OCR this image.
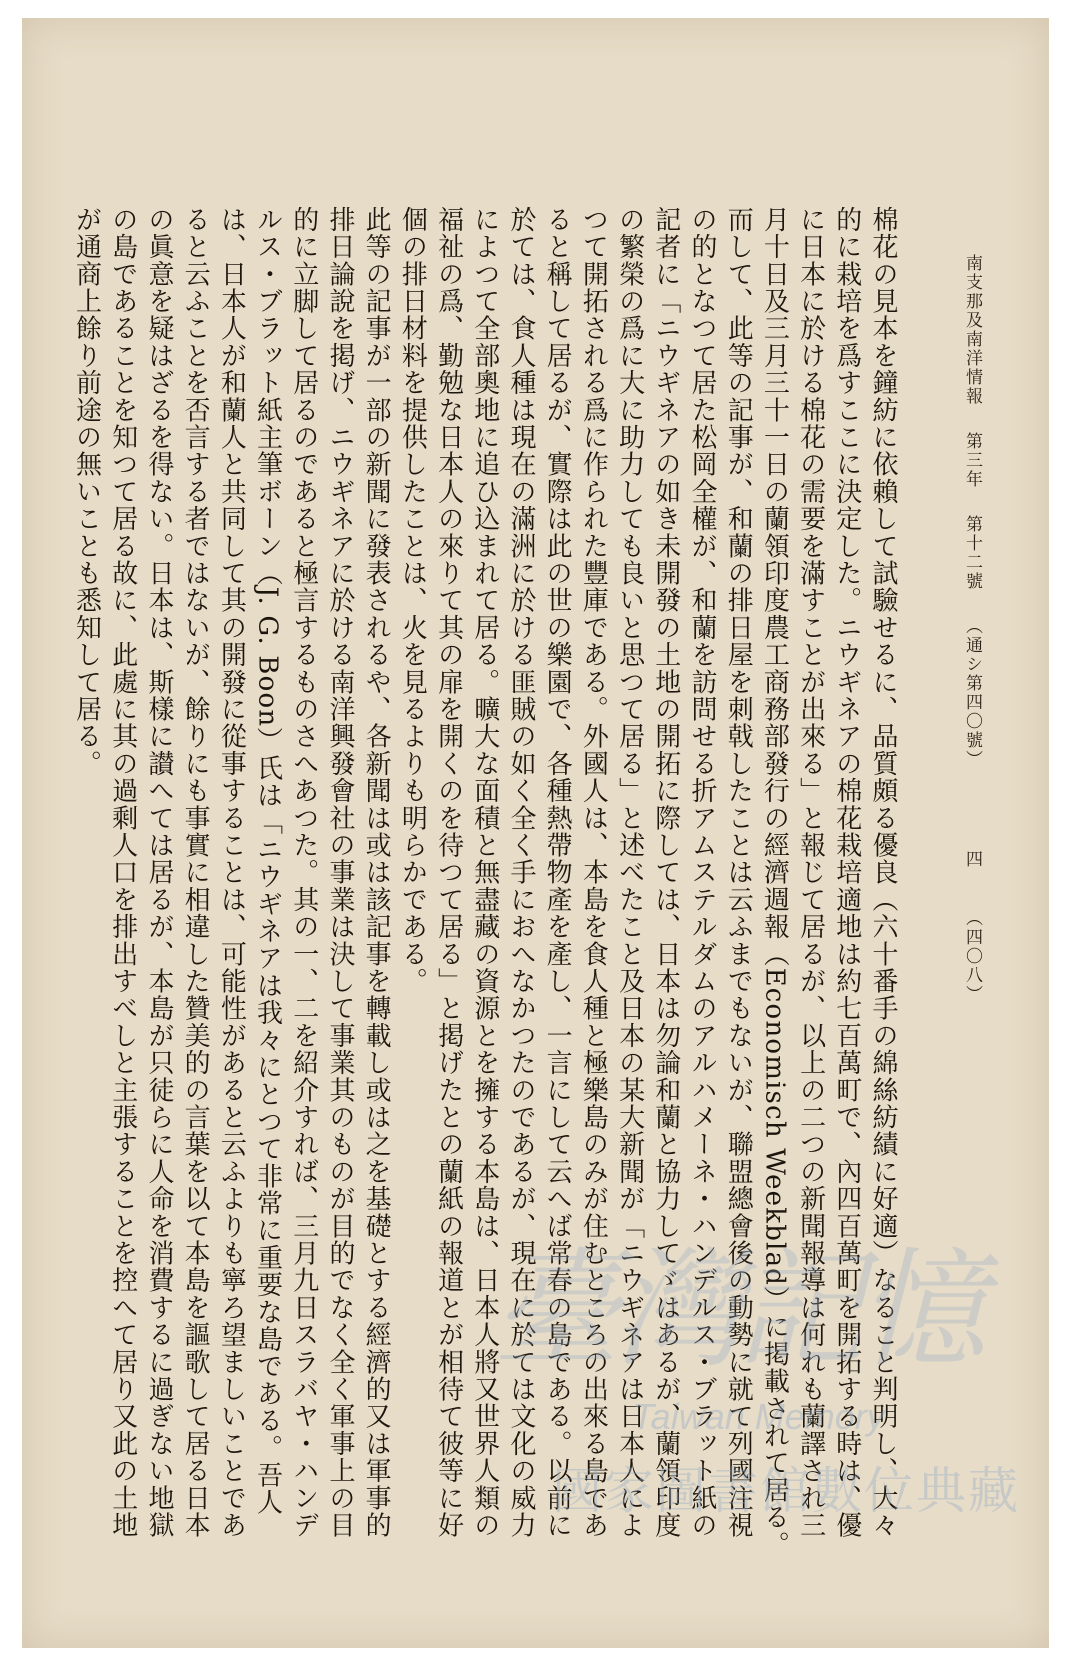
南支那及南洋情報第三年第十二號（通シ第四〇號）
四（四〇八）

棉花の見本を鐘紡に依賴して試驗せるに、品質頗る優良（六十番手の綿絲紡績に好適）なること判明し、大々的に栽培を爲すここに決定した。ニウギネアの棉花栽培適地は約七百萬町で、內四百萬町を開拓する時は、優に日本に於ける棉花の需要を滿すことが出來る」と報じて居るが、以上の二つの新聞報導は何れも蘭譯され三月十日及三月三十一日の蘭領印度農工商務部發行の經濟週報（Economisch Weekblad）に掲載されて居る。而して、此等の記事が、和蘭の排日屋を刺戟したことは云ふまでもないが、聯盟總會後の動勢に就て列國注視の的となつて居た松岡全權が、和蘭を訪問せる折アムステルダムのアルハメーネ・ハンデルス・ブラット紙の記者に「ニウギネアの如き未開發の土地の開拓に際しては、日本は勿論和蘭と協力してゞはあるが、蘭領印度の繁榮の爲に大に助力しても良いと思つて居る」と述べたこと及日本の某大新聞が「ニウギネアは日本人によつて開拓される爲に作られた豐庫である。外國人は、本島を食人種と極樂島のみが住むところの出來る島であると稱して居るが、實際は此の世の樂園で、各種熱帶物產を產し、一言にして云へば常春の島である。以前に於ては、食人種は現在の滿洲に於ける匪賊の如く全く手におへなかつたのであるが、現在に於ては文化の威力によつて全部奧地に追ひ込まれて居る。曠大な面積と無盡藏の資源とを擁する本島は、日本人將又世界人類の福祉の爲、勤勉な日本人の來りて其の扉を開くのを待つて居る」と掲げたとの蘭紙の報道とが相待て彼等に好個の排日材料を提供したことは、火を見るよりも明らかである。

此等の記事が一部の新聞に發表されるや、各新聞は或は該記事を轉載し或は之を基礎とする經濟的又は軍事的排日論說を掲げ、ニウギネアに於ける南洋興發會社の事業は決して事業其のものが目的でなく全く軍事上の目的に立脚して居るのであると極言するものさへあつた。其の一、二を紹介すれば、三月九日スラバヤ・ハンデルス・ブラット紙主筆ボーン（J. G. Boon）氏は「ニウギネアは我々にとつて非常に重要な島である。吾人は、日本人が和蘭人と共同して其の開發に從事することは、可能性があると云ふよりも寧ろ望ましいことであると云ふことを否言する者ではないが、餘りにも事實に相違した贊美的の言葉を以て本島を謳歌して居る日本の眞意を疑はざるを得ない。日本は、斯樣に讃へては居るが、本島が只徒らに人命を消費するに過ぎない地獄の島であることを知つて居る故に、此處に其の過剩人口を排出すべしと主張することを控へて居り又此の土地が通商上餘り前途の無いことも悉知して居る。

臺灣記憶
Taiwan Memory
國家圖書館數位典藏
